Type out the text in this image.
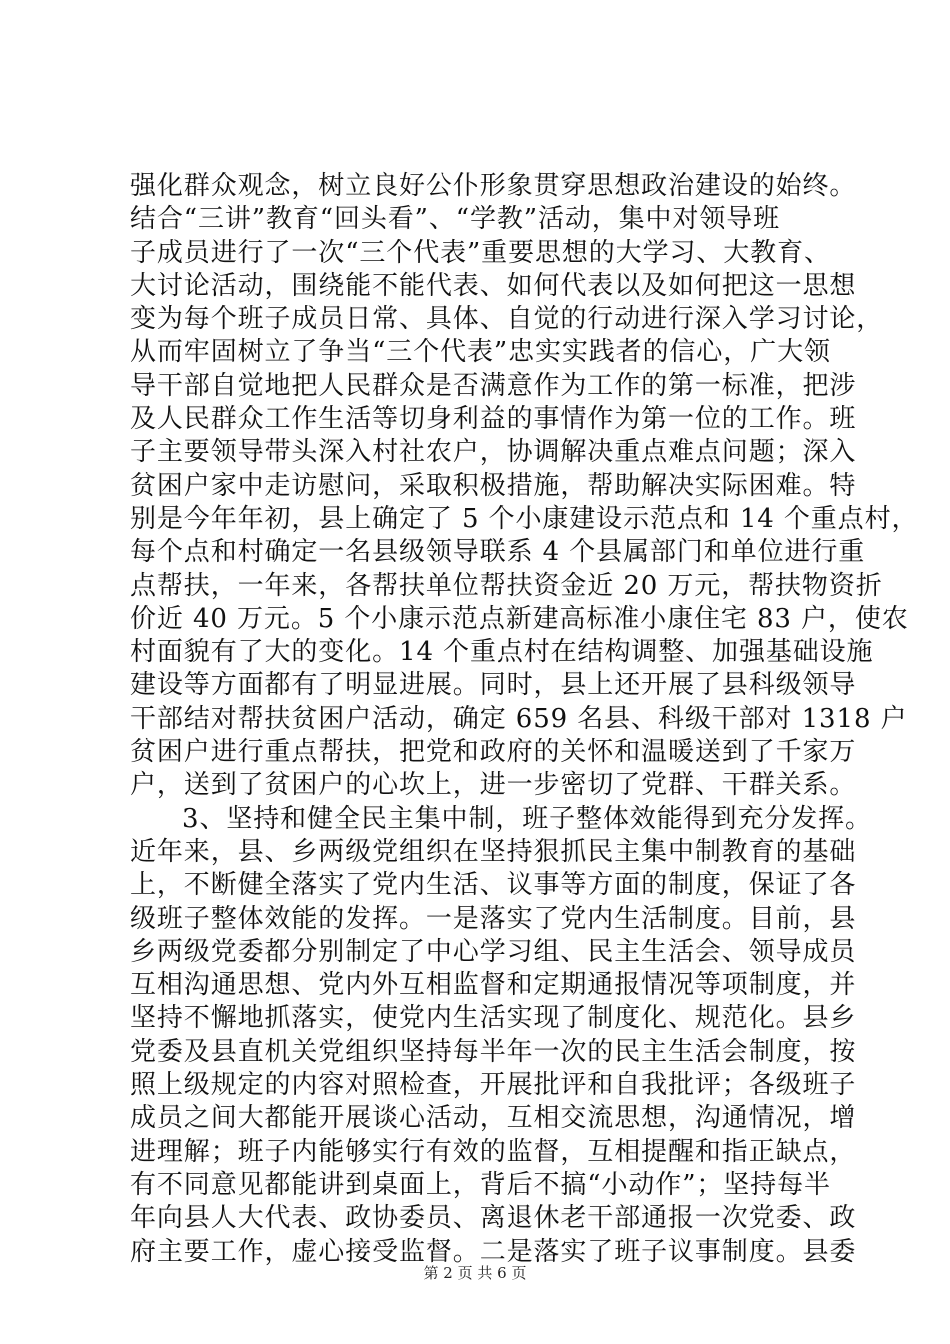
强化群众观念，树立良好公仆形象贯穿思想政治建设的始终。
结合“三讲”教育“回头看”、“学教”活动，集中对领导班
子成员进行了一次“三个代表”重要思想的大学习、大教育、
大讨论活动，围绕能不能代表、如何代表以及如何把这一思想
变为每个班子成员日常、具体、自觉的行动进行深入学习讨论，
从而牢固树立了争当“三个代表”忠实实践者的信心，广大领
导干部自觉地把人民群众是否满意作为工作的第一标准，把涉
及人民群众工作生活等切身利益的事情作为第一位的工作。班
子主要领导带头深入村社农户，协调解决重点难点问题；深入
贫困户家中走访慰问，采取积极措施，帮助解决实际困难。特
别是今年年初，县上确定了 5 个小康建设示范点和 14 个重点村，
每个点和村确定一名县级领导联系 4 个县属部门和单位进行重
点帮扶，一年来，各帮扶单位帮扶资金近 20 万元，帮扶物资折
价近 40 万元。5 个小康示范点新建高标准小康住宅 83 户，使农
村面貌有了大的变化。14 个重点村在结构调整、加强基础设施
建设等方面都有了明显进展。同时，县上还开展了县科级领导
干部结对帮扶贫困户活动，确定 659 名县、科级干部对 1318 户
贫困户进行重点帮扶，把党和政府的关怀和温暖送到了千家万
户，送到了贫困户的心坎上，进一步密切了党群、干群关系。
3、坚持和健全民主集中制，班子整体效能得到充分发挥。
近年来，县、乡两级党组织在坚持狠抓民主集中制教育的基础
上，不断健全落实了党内生活、议事等方面的制度，保证了各
级班子整体效能的发挥。一是落实了党内生活制度。目前，县
乡两级党委都分别制定了中心学习组、民主生活会、领导成员
互相沟通思想、党内外互相监督和定期通报情况等项制度，并
坚持不懈地抓落实，使党内生活实现了制度化、规范化。县乡
党委及县直机关党组织坚持每半年一次的民主生活会制度，按
照上级规定的内容对照检查，开展批评和自我批评；各级班子
成员之间大都能开展谈心活动，互相交流思想，沟通情况，增
进理解；班子内能够实行有效的监督，互相提醒和指正缺点，
有不同意见都能讲到桌面上，背后不搞“小动作”；坚持每半
年向县人大代表、政协委员、离退休老干部通报一次党委、政
府主要工作，虚心接受监督。二是落实了班子议事制度。县委
第 2 页 共 6 页
